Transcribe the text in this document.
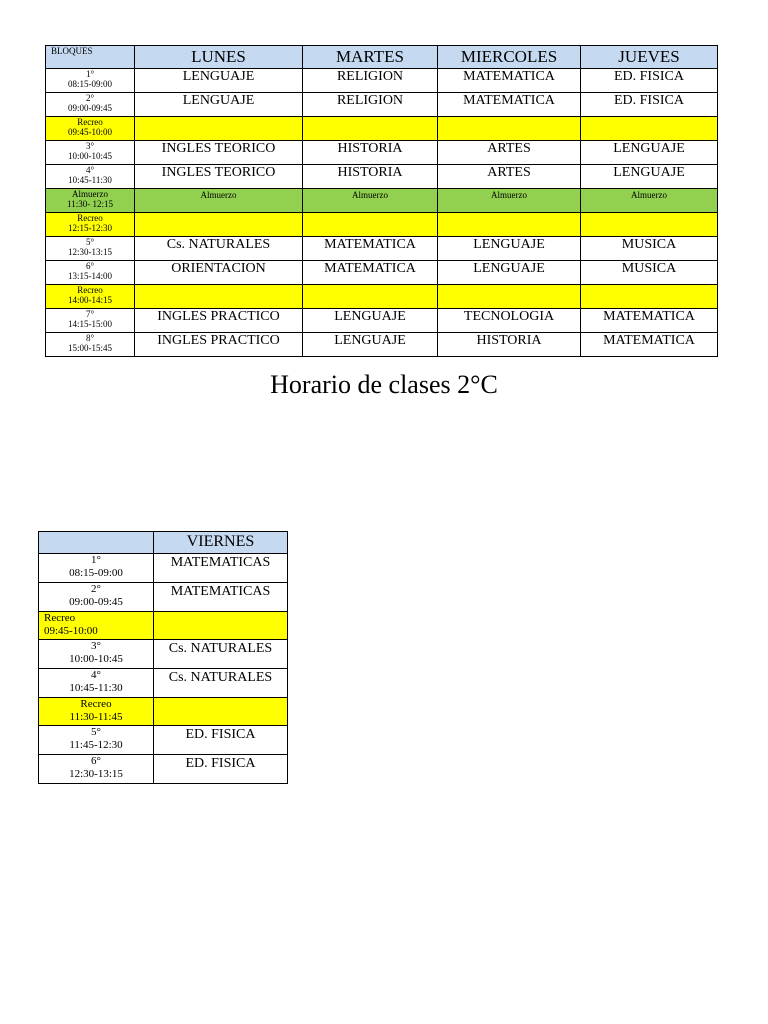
BLOQUES	LUNES	MARTES	MIERCOLES	JUEVES

1°
08:15-09:00	LENGUAJE	RELIGION	MATEMATICA	ED. FISICA

2°
09:00-09:45	LENGUAJE	RELIGION	MATEMATICA	ED. FISICA

Recreo
09:45-10:00				

3°
10:00-10:45	INGLES TEORICO	HISTORIA	ARTES	LENGUAJE

4°
10:45-11:30	INGLES TEORICO	HISTORIA	ARTES	LENGUAJE

Almuerzo
11:30- 12:15	Almuerzo	Almuerzo	Almuerzo	Almuerzo

Recreo
12:15-12:30				

5°
12:30-13:15	Cs. NATURALES	MATEMATICA	LENGUAJE	MUSICA

6°
13:15-14:00	ORIENTACION	MATEMATICA	LENGUAJE	MUSICA

Recreo
14:00-14:15				

7°
14:15-15:00	INGLES PRACTICO	LENGUAJE	TECNOLOGIA	MATEMATICA

8°
15:00-15:45	INGLES PRACTICO	LENGUAJE	HISTORIA	MATEMATICA
Horario de clases 2°C
	VIERNES

1°
08:15-09:00	MATEMATICAS

2°
09:00-09:45	MATEMATICAS

Recreo
09:45-10:00	

3°
10:00-10:45	Cs. NATURALES

4°
10:45-11:30	Cs. NATURALES

Recreo
11:30-11:45	

5°
11:45-12:30	ED. FISICA

6°
12:30-13:15	ED. FISICA
